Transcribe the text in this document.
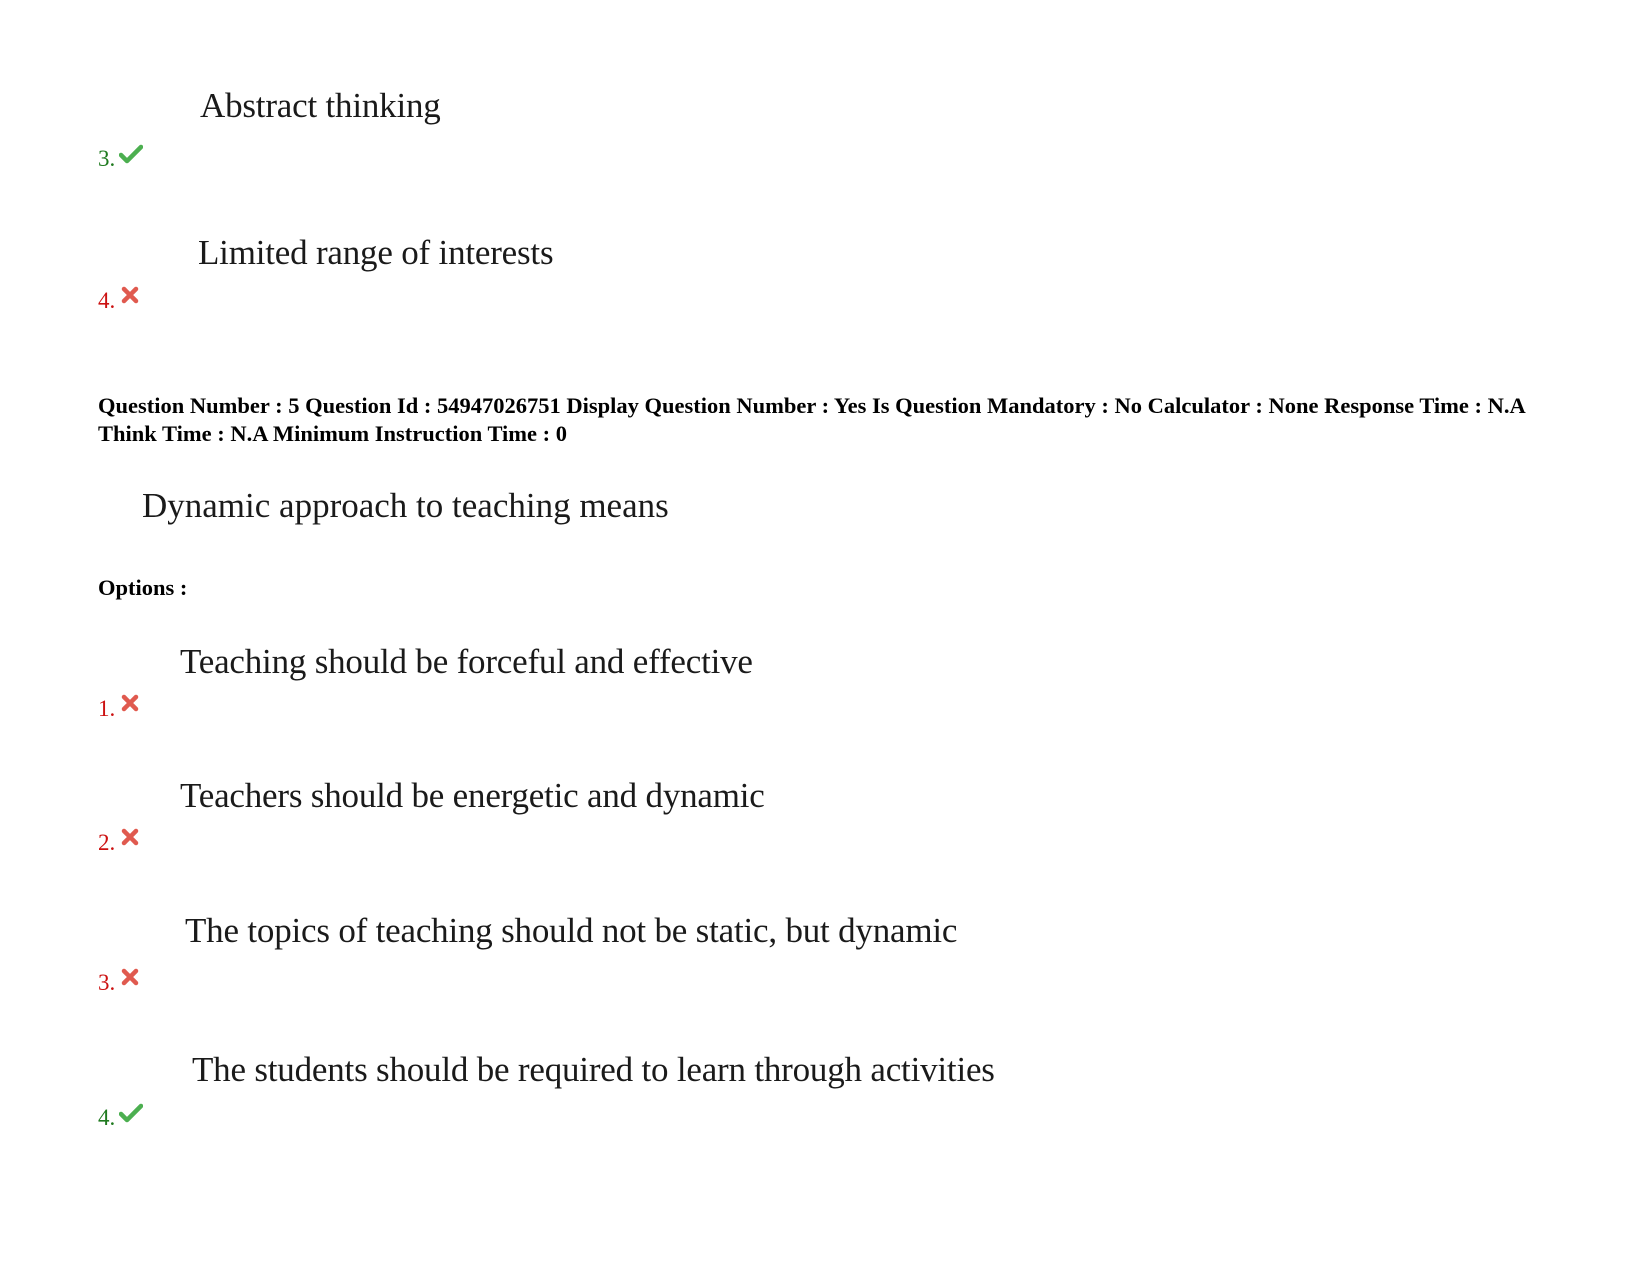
Abstract thinking
3.
Limited range of interests
4.
Question Number : 5 Question Id : 54947026751 Display Question Number : Yes Is Question Mandatory : No Calculator : None Response Time : N.A Think Time : N.A Minimum Instruction Time : 0
Dynamic approach to teaching means
Options :
Teaching should be forceful and effective
1.
Teachers should be energetic and dynamic
2.
The topics of teaching should not be static, but dynamic
3.
The students should be required to learn through activities
4.
